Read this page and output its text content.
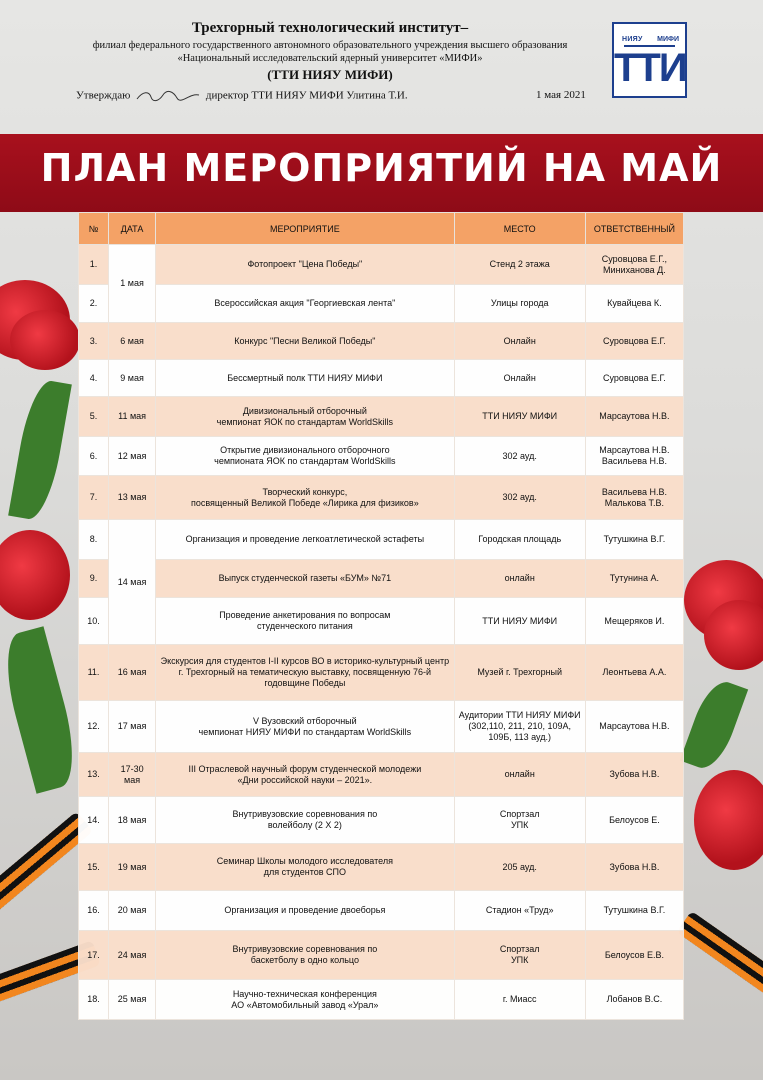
Трехгорный технологический институт–
филиал федерального государственного автономного образовательного учреждения высшего образования
«Национальный исследовательский ядерный университет «МИФИ»
(ТТИ НИЯУ МИФИ)
Утверждаю	директор ТТИ НИЯУ МИФИ Улитина Т.И.	1 мая 2021
НИЯУ МИФИ
ТТИ
ПЛАН МЕРОПРИЯТИЙ НА МАЙ
№	ДАТА	МЕРОПРИЯТИЕ	МЕСТО	ОТВЕТСТВЕННЫЙ
1.	1 мая	Фотопроект "Цена Победы"	Стенд 2 этажа	Суровцова Е.Г.,
Миниханова Д.
2.		Всероссийская акция "Георгиевская лента"	Улицы города	Кувайцева К.
3.	6 мая	Конкурс "Песни Великой Победы"	Онлайн	Суровцова Е.Г.
4.	9 мая	Бессмертный полк ТТИ НИЯУ МИФИ	Онлайн	Суровцова Е.Г.
5.	11 мая	Дивизиональный отборочный
чемпионат ЯОК по стандартам WorldSkills	ТТИ НИЯУ МИФИ	Марсаутова Н.В.
6.	12 мая	Открытие дивизионального отборочного
чемпионата ЯОК по стандартам WorldSkills	302 ауд.	Марсаутова Н.В.
Васильева Н.В.
7.	13 мая	Творческий конкурс,
посвященный Великой Победе «Лирика для физиков»	302 ауд.	Васильева Н.В.
Малькова Т.В.
8.	14 мая	Организация и проведение легкоатлетической эстафеты	Городская площадь	Тутушкина В.Г.
9.		Выпуск студенческой газеты «БУМ» №71	онлайн	Тутунина А.
10.		Проведение анкетирования по вопросам
студенческого питания	ТТИ НИЯУ МИФИ	Мещеряков И.
11.	16 мая	Экскурсия для студентов I-II курсов ВО в историко-культурный центр
г. Трехгорный на тематическую выставку, посвященную 76-й
годовщине Победы	Музей г. Трехгорный	Леонтьева А.А.
12.	17 мая	V Вузовский отборочный
чемпионат НИЯУ МИФИ по стандартам WorldSkills	Аудитории ТТИ НИЯУ МИФИ
(302,110, 211, 210, 109А,
109Б, 113 ауд.)	Марсаутова Н.В.
13.	17-30
мая	III Отраслевой научный форум студенческой молодежи
«Дни российской науки – 2021».	онлайн	Зубова Н.В.
14.	18 мая	Внутривузовские соревнования по
волейболу (2 Х 2)	Спортзал
УПК	Белоусов Е.
15.	19 мая	Семинар Школы молодого исследователя
для студентов СПО	205 ауд.	Зубова Н.В.
16.	20 мая	Организация и проведение двоеборья	Стадион «Труд»	Тутушкина В.Г.
17.	24 мая	Внутривузовские соревнования по
баскетболу в одно кольцо	Спортзал
УПК	Белоусов Е.В.
18.	25 мая	Научно-техническая конференция
АО «Автомобильный завод «Урал»	г. Миасс	Лобанов В.С.
